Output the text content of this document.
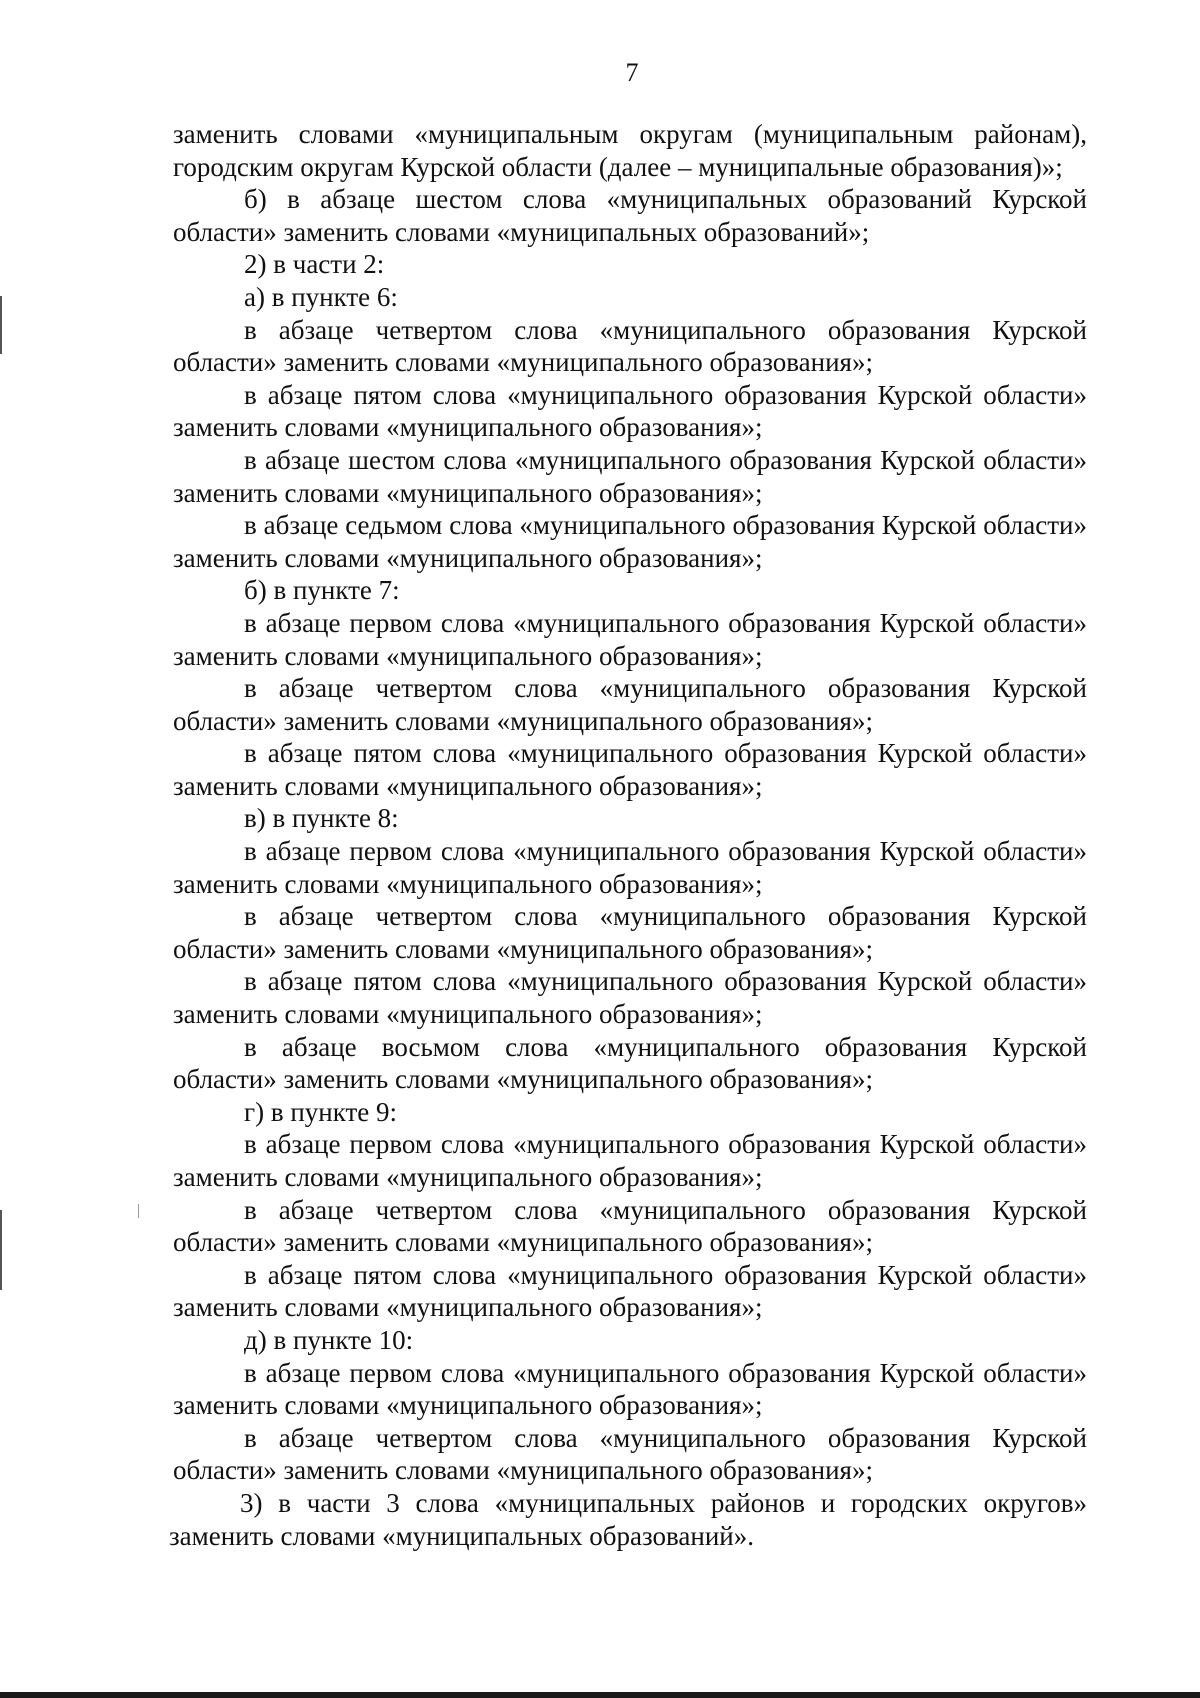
7

заменить словами «муниципальным округам (муниципальным районам), городским округам Курской области (далее – муниципальные образования)»;

б) в абзаце шестом слова «муниципальных образований Курской области» заменить словами «муниципальных образований»;

2) в части 2:

а) в пункте 6:

в абзаце четвертом слова «муниципального образования Курской области» заменить словами «муниципального образования»;

в абзаце пятом слова «муниципального образования Курской области» заменить словами «муниципального образования»;

в абзаце шестом слова «муниципального образования Курской области» заменить словами «муниципального образования»;

в абзаце седьмом слова «муниципального образования Курской области» заменить словами «муниципального образования»;

б) в пункте 7:

в абзаце первом слова «муниципального образования Курской области» заменить словами «муниципального образования»;

в абзаце четвертом слова «муниципального образования Курской области» заменить словами «муниципального образования»;

в абзаце пятом слова «муниципального образования Курской области» заменить словами «муниципального образования»;

в) в пункте 8:

в абзаце первом слова «муниципального образования Курской области» заменить словами «муниципального образования»;

в абзаце четвертом слова «муниципального образования Курской области» заменить словами «муниципального образования»;

в абзаце пятом слова «муниципального образования Курской области» заменить словами «муниципального образования»;

в абзаце восьмом слова «муниципального образования Курской области» заменить словами «муниципального образования»;

г) в пункте 9:

в абзаце первом слова «муниципального образования Курской области» заменить словами «муниципального образования»;

в абзаце четвертом слова «муниципального образования Курской области» заменить словами «муниципального образования»;

в абзаце пятом слова «муниципального образования Курской области» заменить словами «муниципального образования»;

д) в пункте 10:

в абзаце первом слова «муниципального образования Курской области» заменить словами «муниципального образования»;

в абзаце четвертом слова «муниципального образования Курской области» заменить словами «муниципального образования»;

3) в части 3 слова «муниципальных районов и городских округов» заменить словами «муниципальных образований».
